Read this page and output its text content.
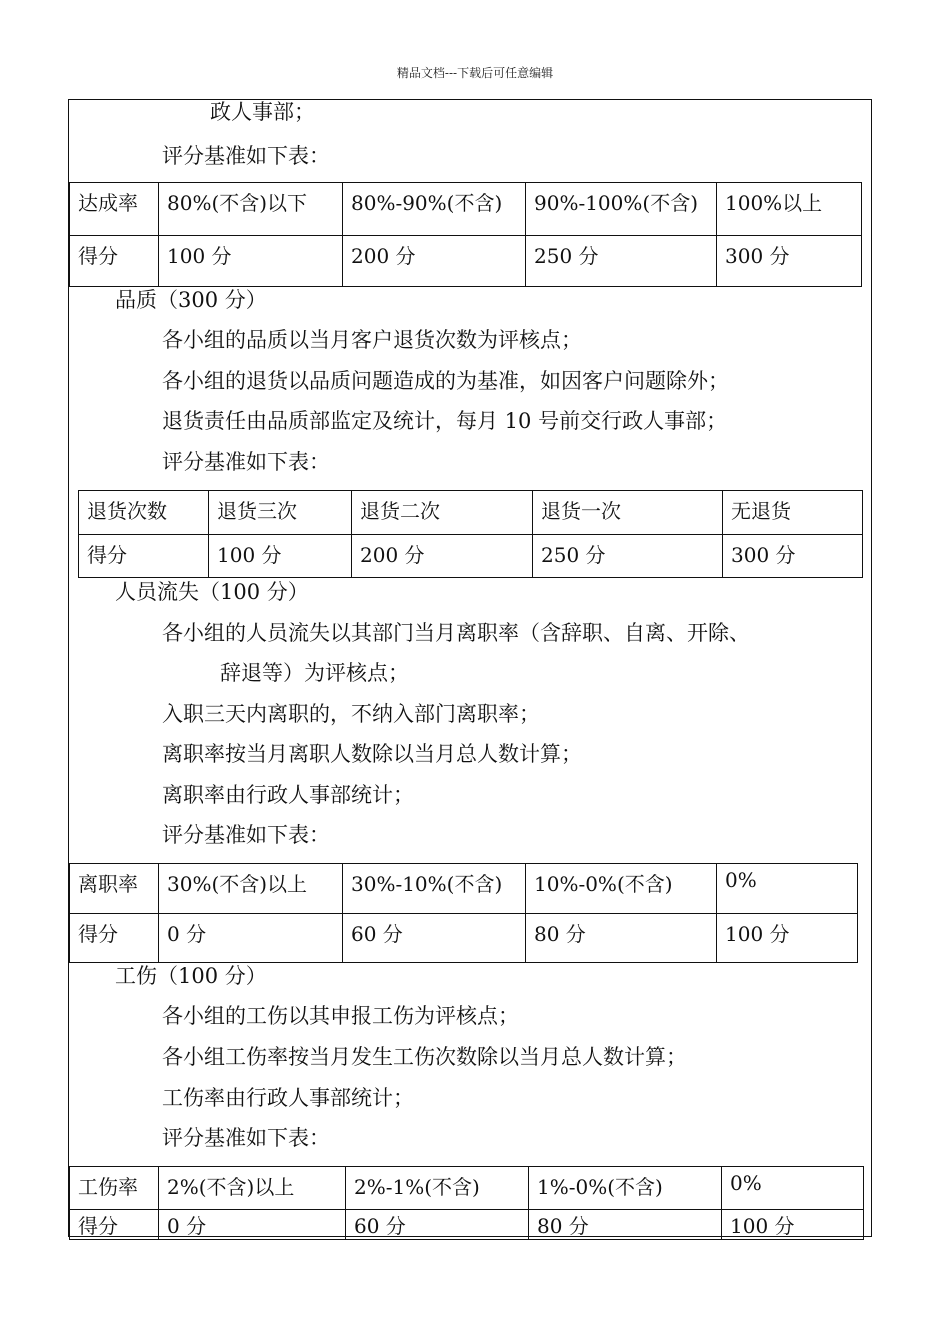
精品文档---下载后可任意编辑
政人事部；
评分基准如下表：
达成率	80%(不含)以下	80%-90%(不含)	90%-100%(不含)	100%以上
得分	100 分	200 分	250 分	300 分
品质（300 分）
各小组的品质以当月客户退货次数为评核点；
各小组的退货以品质问题造成的为基准，如因客户问题除外；
退货责任由品质部监定及统计，每月 10 号前交行政人事部；
评分基准如下表：
退货次数	退货三次	退货二次	退货一次	无退货
得分	100 分	200 分	250 分	300 分
人员流失（100 分）
各小组的人员流失以其部门当月离职率（含辞职、自离、开除、
辞退等）为评核点；
入职三天内离职的，不纳入部门离职率；
离职率按当月离职人数除以当月总人数计算；
离职率由行政人事部统计；
评分基准如下表：
离职率	30%(不含)以上	30%-10%(不含)	10%-0%(不含)	0%
得分	0 分	60 分	80 分	100 分
工伤（100 分）
各小组的工伤以其申报工伤为评核点；
各小组工伤率按当月发生工伤次数除以当月总人数计算；
工伤率由行政人事部统计；
评分基准如下表：
工伤率	2%(不含)以上	2%-1%(不含)	1%-0%(不含)	0%
得分	0 分	60 分	80 分	100 分
